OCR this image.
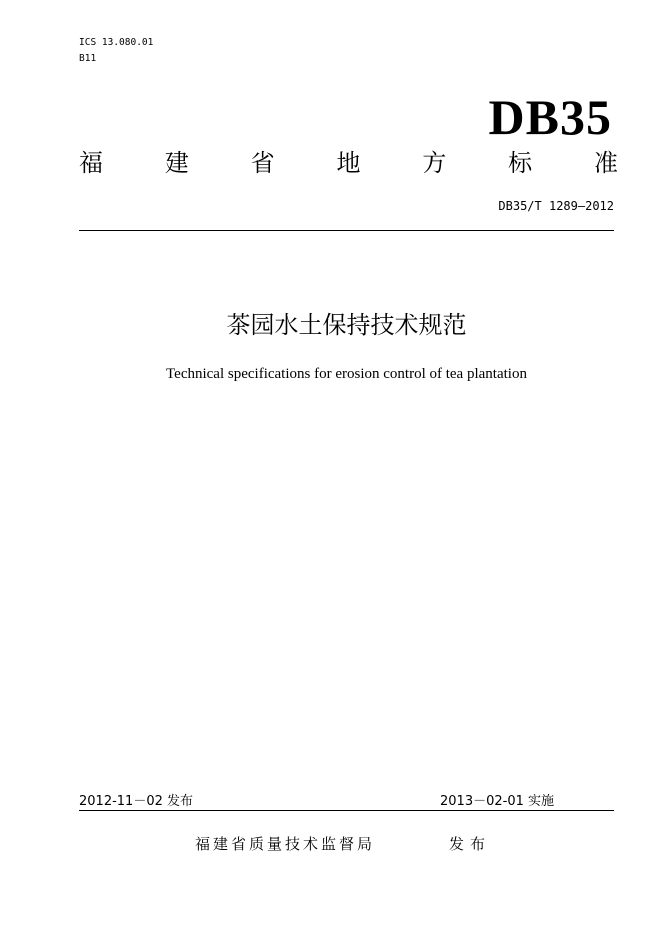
ICS 13.080.01
B11
DB35
福	建	省	地	方	标	准
DB35/T 1289—2012
茶园水土保持技术规范
Technical specifications for erosion control of tea plantation
2012-11－02 发布	2013－02-01 实施
福建省质量技术监督局	发布
